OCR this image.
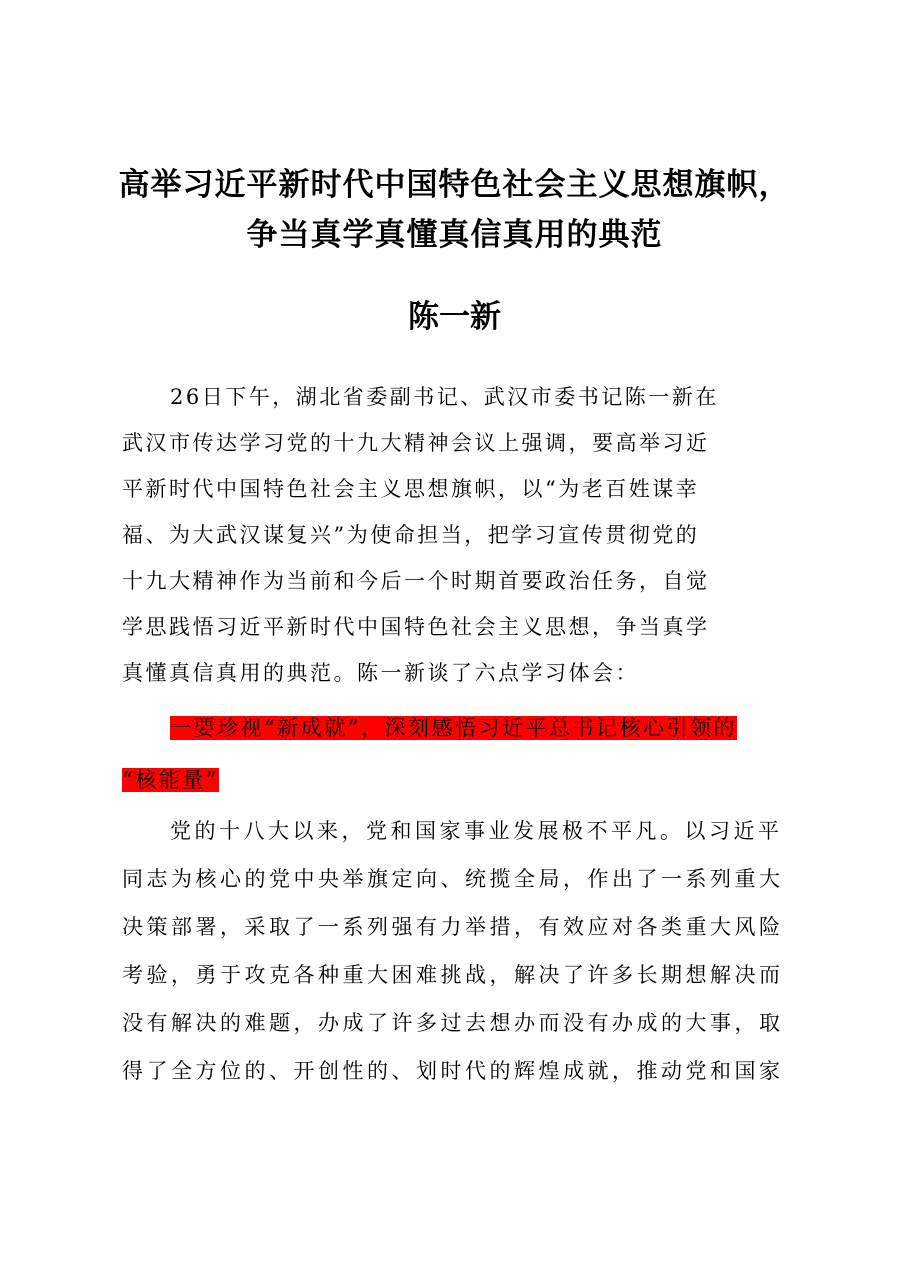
高举习近平新时代中国特色社会主义思想旗帜，
争当真学真懂真信真用的典范
陈一新
26日下午，湖北省委副书记、武汉市委书记陈一新在
武汉市传达学习党的十九大精神会议上强调，要高举习近
平新时代中国特色社会主义思想旗帜，以“为老百姓谋幸
福、为大武汉谋复兴”为使命担当，把学习宣传贯彻党的
十九大精神作为当前和今后一个时期首要政治任务，自觉
学思践悟习近平新时代中国特色社会主义思想，争当真学
真懂真信真用的典范。陈一新谈了六点学习体会：
一要珍视“新成就”，深刻感悟习近平总书记核心引领的
“核能量”
党的十八大以来，党和国家事业发展极不平凡。以习近平
同志为核心的党中央举旗定向、统揽全局，作出了一系列重大
决策部署，采取了一系列强有力举措，有效应对各类重大风险
考验，勇于攻克各种重大困难挑战，解决了许多长期想解决而
没有解决的难题，办成了许多过去想办而没有办成的大事，取
得了全方位的、开创性的、划时代的辉煌成就，推动党和国家
